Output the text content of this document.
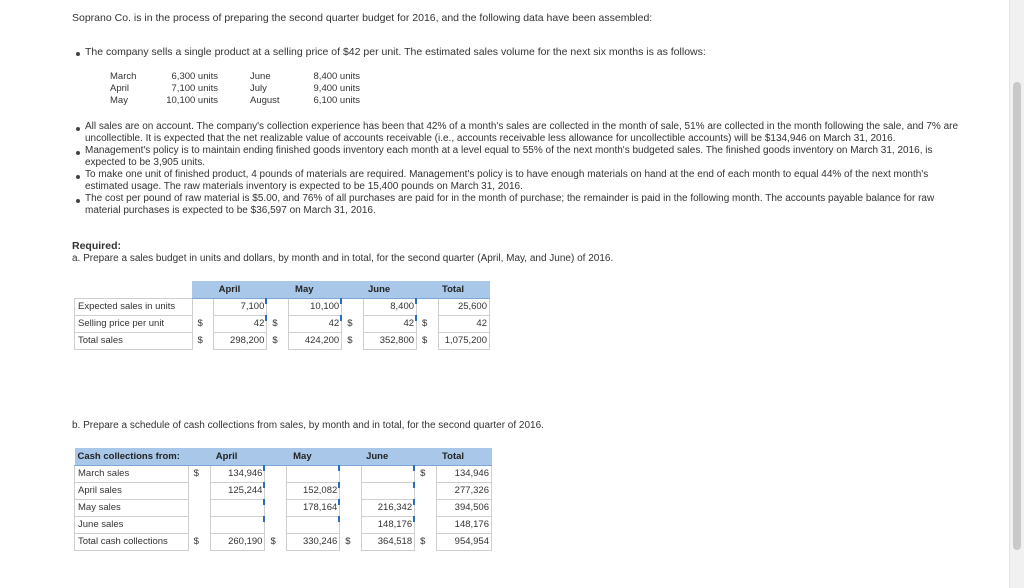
Soprano Co. is in the process of preparing the second quarter budget for 2016, and the following data have been assembled:
The company sells a single product at a selling price of $42 per unit. The estimated sales volume for the next six months is as follows:
March	6,300 units
April	7,100 units
May	10,100 units
June	8,400 units
July	9,400 units
August	6,100 units
All sales are on account. The company's collection experience has been that 42% of a month's sales are collected in the month of sale, 51% are collected in the month following the sale, and 7% are
uncollectible. It is expected that the net realizable value of accounts receivable (i.e., accounts receivable less allowance for uncollectible accounts) will be $134,946 on March 31, 2016.
Management's policy is to maintain ending finished goods inventory each month at a level equal to 55% of the next month's budgeted sales. The finished goods inventory on March 31, 2016, is
expected to be 3,905 units.
To make one unit of finished product, 4 pounds of materials are required. Management's policy is to have enough materials on hand at the end of each month to equal 44% of the next month's
estimated usage. The raw materials inventory is expected to be 15,400 pounds on March 31, 2016.
The cost per pound of raw material is $5.00, and 76% of all purchases are paid for in the month of purchase; the remainder is paid in the following month. The accounts payable balance for raw
material purchases is expected to be $36,597 on March 31, 2016.
Required:
a. Prepare a sales budget in units and dollars, by month and in total, for the second quarter (April, May, and June) of 2016.
	April		May		June		Total	
Expected sales in units		7,100		10,100		8,400		25,600
Selling price per unit	$	42	$	42	$	42	$	42
Total sales	$	298,200	$	424,200	$	352,800	$	1,075,200
b. Prepare a schedule of cash collections from sales, by month and in total, for the second quarter of 2016.
Cash collections from:	April		May		June		Total	
March sales	$	134,946					$	134,946
April sales		125,244		152,082				277,326
May sales				178,164		216,342		394,506
June sales						148,176		148,176
Total cash collections	$	260,190	$	330,246	$	364,518	$	954,954
